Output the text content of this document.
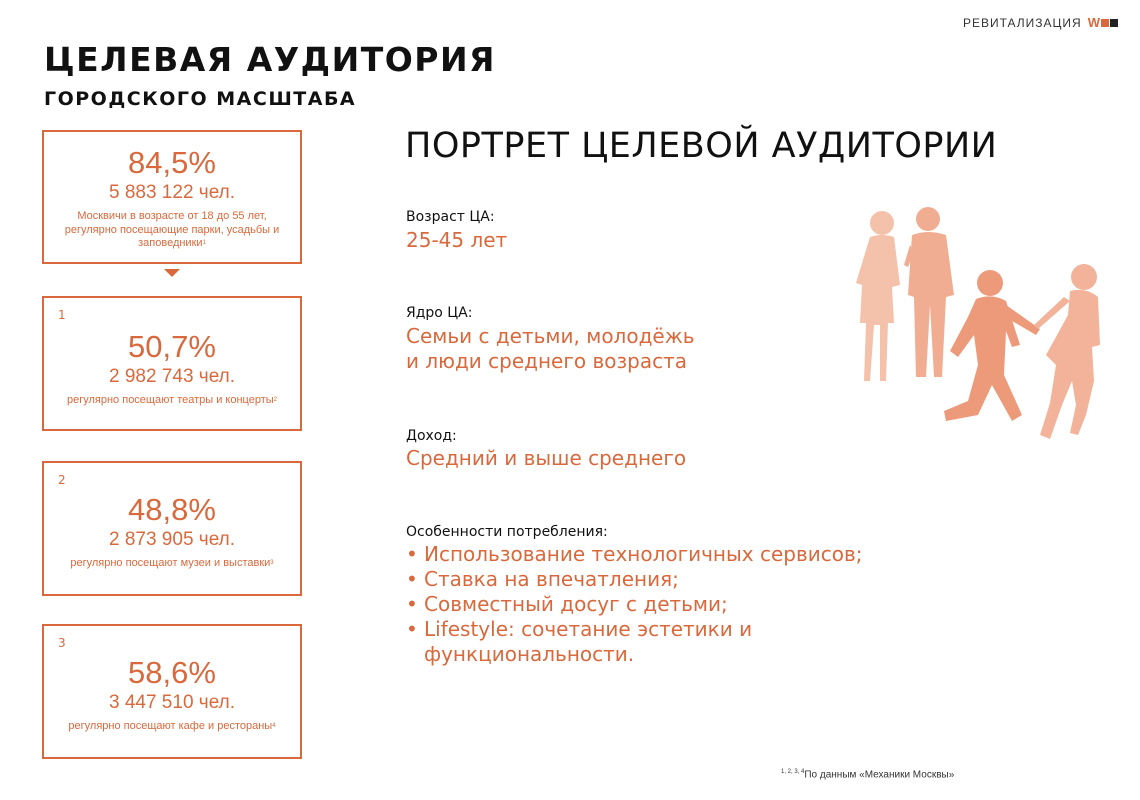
РЕВИТАЛИЗАЦИЯ W
ЦЕЛЕВАЯ АУДИТОРИЯ
ГОРОДСКОГО МАСШТАБА
84,5%
5 883 122 чел.
Москвичи в возрасте от 18 до 55 лет, регулярно посещающие парки, усадьбы и заповедники$^1$
1
50,7%
2 982 743 чел.
регулярно посещают театры и концерты$^2$
2
48,8%
2 873 905 чел.
регулярно посещают музеи и выставки$^3$
3
58,6%
3 447 510 чел.
регулярно посещают кафе и рестораны$^4$
ПОРТРЕТ ЦЕЛЕВОЙ АУДИТОРИИ
Возраст ЦА:
25-45 лет
Ядро ЦА:
Семьи с детьми, молодёжь
и люди среднего возраста
Доход:
Средний и выше среднего
Особенности потребления:
• Использование технологичных сервисов;
• Ставка на впечатления;
• Совместный досуг с детьми;
• Lifestyle: сочетание эстетики и функциональности.
$^{1, 2, 3, 4}$По данным «Механики Москвы»
